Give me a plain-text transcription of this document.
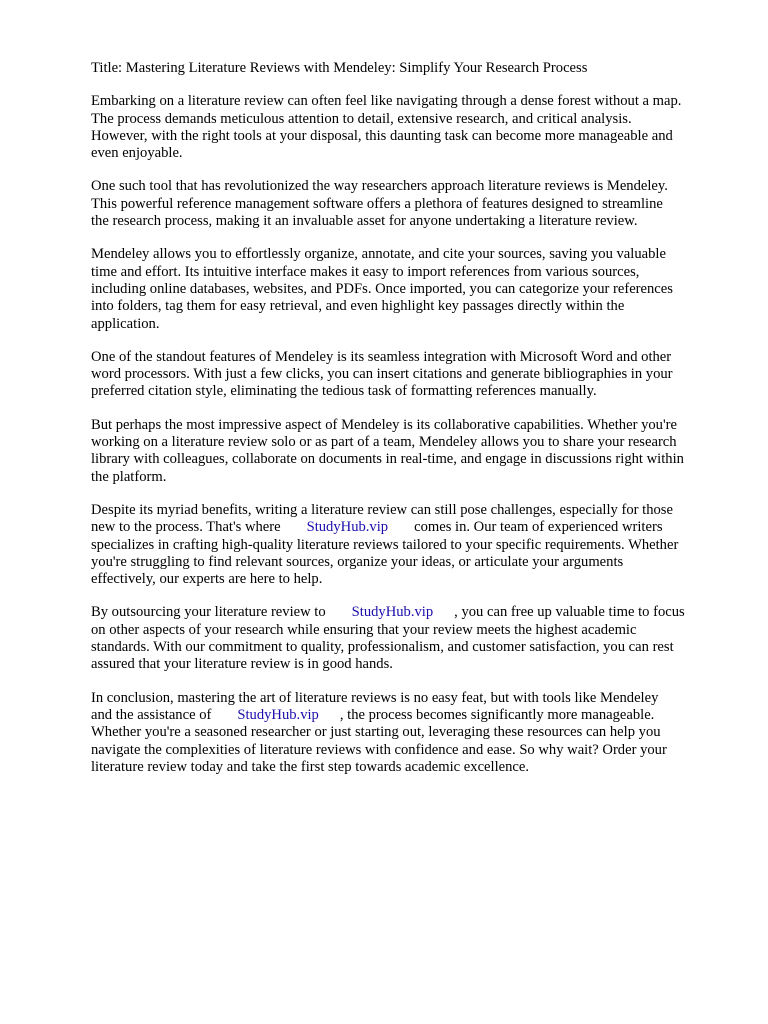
Title: Mastering Literature Reviews with Mendeley: Simplify Your Research Process

Embarking on a literature review can often feel like navigating through a dense forest without a map.
The process demands meticulous attention to detail, extensive research, and critical analysis.
However, with the right tools at your disposal, this daunting task can become more manageable and
even enjoyable.

One such tool that has revolutionized the way researchers approach literature reviews is Mendeley.
This powerful reference management software offers a plethora of features designed to streamline
the research process, making it an invaluable asset for anyone undertaking a literature review.

Mendeley allows you to effortlessly organize, annotate, and cite your sources, saving you valuable
time and effort. Its intuitive interface makes it easy to import references from various sources,
including online databases, websites, and PDFs. Once imported, you can categorize your references
into folders, tag them for easy retrieval, and even highlight key passages directly within the
application.

One of the standout features of Mendeley is its seamless integration with Microsoft Word and other
word processors. With just a few clicks, you can insert citations and generate bibliographies in your
preferred citation style, eliminating the tedious task of formatting references manually.

But perhaps the most impressive aspect of Mendeley is its collaborative capabilities. Whether you're
working on a literature review solo or as part of a team, Mendeley allows you to share your research
library with colleagues, collaborate on documents in real-time, and engage in discussions right within
the platform.

Despite its myriad benefits, writing a literature review can still pose challenges, especially for those
new to the process. That's where StudyHub.vip comes in. Our team of experienced writers
specializes in crafting high-quality literature reviews tailored to your specific requirements. Whether
you're struggling to find relevant sources, organize your ideas, or articulate your arguments
effectively, our experts are here to help.

By outsourcing your literature review to StudyHub.vip , you can free up valuable time to focus
on other aspects of your research while ensuring that your review meets the highest academic
standards. With our commitment to quality, professionalism, and customer satisfaction, you can rest
assured that your literature review is in good hands.

In conclusion, mastering the art of literature reviews is no easy feat, but with tools like Mendeley
and the assistance of StudyHub.vip , the process becomes significantly more manageable.
Whether you're a seasoned researcher or just starting out, leveraging these resources can help you
navigate the complexities of literature reviews with confidence and ease. So why wait? Order your
literature review today and take the first step towards academic excellence.
